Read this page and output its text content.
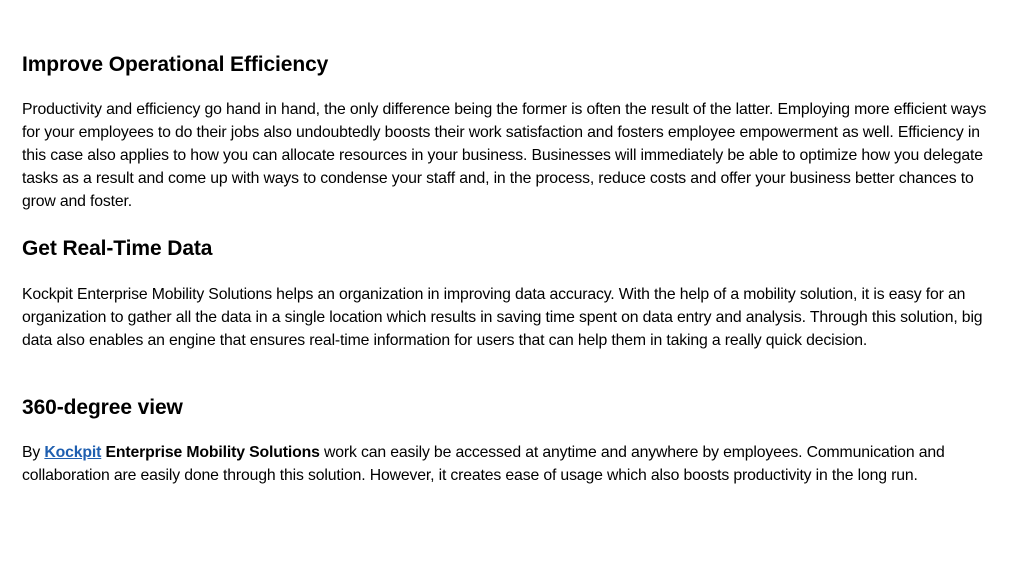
Improve Operational Efficiency

Productivity and efficiency go hand in hand, the only difference being the former is often the result of the latter. Employing more efficient ways for your employees to do their jobs also undoubtedly boosts their work satisfaction and fosters employee empowerment as well. Efficiency in this case also applies to how you can allocate resources in your business. Businesses will immediately be able to optimize how you delegate tasks as a result and come up with ways to condense your staff and, in the process, reduce costs and offer your business better chances to grow and foster.

Get Real-Time Data

Kockpit Enterprise Mobility Solutions helps an organization in improving data accuracy. With the help of a mobility solution, it is easy for an organization to gather all the data in a single location which results in saving time spent on data entry and analysis. Through this solution, big data also enables an engine that ensures real-time information for users that can help them in taking a really quick decision.

360-degree view

By Kockpit Enterprise Mobility Solutions work can easily be accessed at anytime and anywhere by employees. Communication and collaboration are easily done through this solution. However, it creates ease of usage which also boosts productivity in the long run.
